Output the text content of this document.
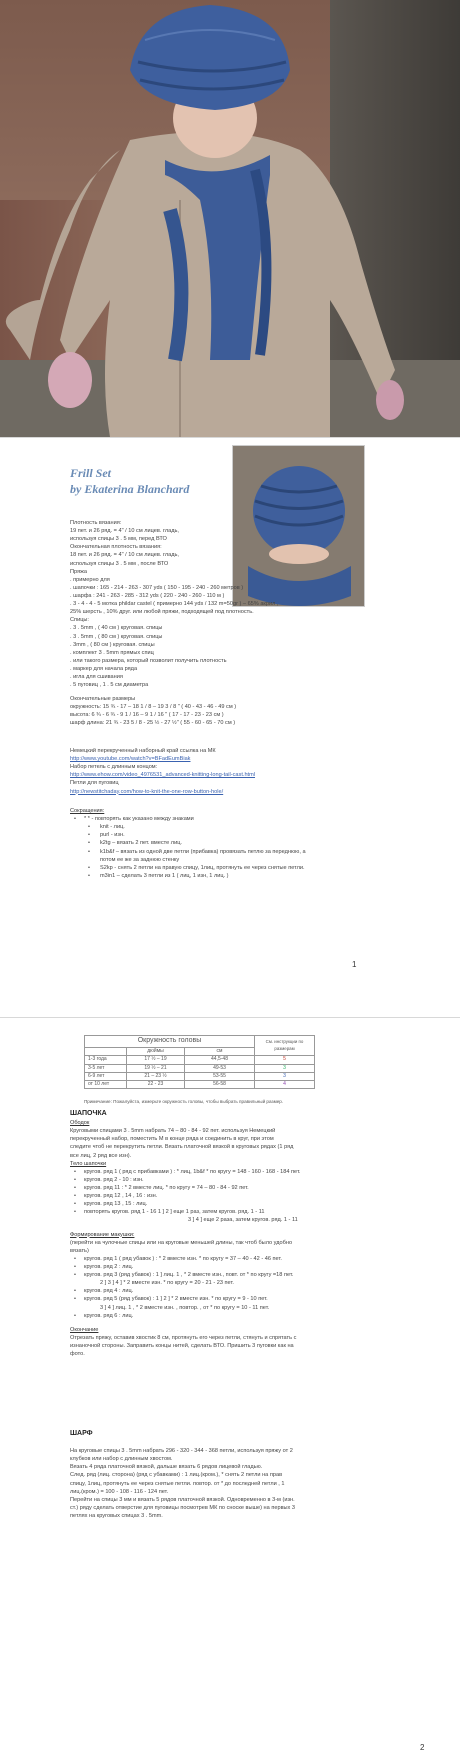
Frill Set
by Ekaterina Blanchard

Плотность вязания:

19 пет. и 26 ряд. = 4" / 10 см лицев. гладь,

используя спицы 3 . 5 мм, перед ВТО

Окончательная плотность вязания:

18 пет. и 26 ряд. = 4" / 10 см лицев. гладь,

используя спицы 3 . 5 мм , после ВТО

Пряжа

. примерно для

. шапочки : 165 - 214 - 263 - 307 yds ( 150 - 195 - 240 - 260 метров )

. шарфа : 241 - 263 - 285 - 312 yds ( 220 - 240 - 260 - 110 м )

. 3 - 4 - 4 - 5 мотка phildar castel ( примерно 144 yds / 132 m=50gr ) – 65% акрил ,

25% шерсть , 10% друг. или любой пряжи, подходящей под плотность.

Спицы:

. 3 . 5mm , ( 40 см ) круговая. спицы

. 3 . 5mm , ( 80 см ) круговая. спицы

. 3mm , ( 80 см ) круговая. спицы

. комплект 3 . 5mm прямых спиц

. или такого размера, который позволит получить плотность

. маркер для начала ряда

. игла для сшивания

. 5 пуговиц , 1 . 5 см диаметра

Окончательные размеры

окружность: 15 ¾ - 17 – 18 1 / 8 – 19 3 / 8 " ( 40 - 43 - 46 - 49 см )

высота: 6 ¾ - 6 ¾ - 9 1 / 16 – 9 1 / 16 " ( 17 - 17 - 23 - 23 см )

шарф длина: 21 ¾ - 23 5 / 8 - 25 ½ - 27 ½" ( 55 - 60 - 65 - 70 см )

Немецкий перекрученный наборный край ссылка на МК

http://www.youtube.com/watch?v=BFadEumBiak

Набор петель с длинным концом:

http://www.ehow.com/video_4976531_advanced-knitting-long-tail-cast.html

Петли для пуговиц

http://newstitchaday.com/how-to-knit-the-one-row-button-hole/

Сокращения:

• * * - повторять как указано между знаками
• knit - лиц.
• purl - изн.
• k2tg – вязать 2 пет. вместе лиц.
• k1b&f – вязать из одной две петли (прибавка) провязать петлю за переднюю, а

потом ее же за заднюю стенку

• S2kp - снять 2 петли на правую спицу, 1лиц, протянуть ее через снятые петли.
• m3in1 – сделать 3 петли из 1 ( лиц, 1 изн, 1 лиц. )
1
Окружность головы			См. инструкции по размерам
	дюймы	см	
1-3 года	17 ½ – 19	44,5-48	5
3-5 лет	19 ½ – 21	49-53	3
6-9 лет	21 – 23 ½	53-55	3
от 10 лет	22 - 23	56-58	4
Примечание: Пожалуйста, измерьте окружность головы, чтобы выбрать правильный размер.

ШАПОЧКА

Ободок

Круговыми спицами 3 . 5mm набрать 74 – 80 - 84 - 92 пет. используя Немецкий

перекрученный набор, поместить М в конце ряда и соединить в круг, при этом

следите чтоб не перекрутить петли. Вязать платочной вязкой в круговых рядах (1 ряд

все лиц, 2 ряд все изн).

Тело шапочки

• кругов. ряд 1 ( ряд с прибавками ) : * лиц, 1b&f * по кругу = 148 - 160 - 168 - 184 пет.
• кругов. ряд 2 - 10 : изн.
• кругов. ряд 11 : * 2 вместе лиц. * по кругу = 74 – 80 - 84 - 92 пет.
• кругов. ряд 12 , 14 , 16 : изн.
• кругов. ряд 13 , 15 : лиц.
• повторять кругов. ряд 1 - 16 1 ] 2 ] еще 1 раз, затем кругов. ряд. 1 - 11

3 ] 4 ] еще 2 раза, затем кругов. ряд. 1 - 11

Формирование макушки:

(перейти на чулочные спицы или на круговые меньшей длины, так чтоб было удобно

вязать)

• кругов. ряд 1 ( ряд убавок ) : * 2 вместе изн. * по кругу = 37 – 40 - 42 - 46 пет.
• кругов. ряд 2 : лиц.
• кругов. ряд 3 (ряд убавок) : 1 ] лиц. 1 , * 2 вместе изн., повт. от * по кругу =18 пет.

2 ] 3 ] 4 ] * 2 вместе изн. * по кругу = 20 - 21 - 23 пет.

• кругов. ряд 4 : лиц.
• кругов. ряд 5 (ряд убавок) : 1 ] 2 ] * 2 вместе изн. * по кругу = 9 - 10 пет.

3 ] 4 ] лиц. 1 , * 2 вместе изн. , повтор. , от * по кругу = 10 - 11 пет.

• кругов. ряд 6 : лиц.

Окончание

Отрезать пряжу, оставив хвостик 8 см, протянуть его через петли, стянуть и спрятать с

изнаночной стороны. Заправить концы нитей, сделать ВТО. Пришить 3 пуговки как на

фото.

ШАРФ

На круговые спицы 3 . 5mm набрать 296 - 320 - 344 - 368 петли, используя пряжу от 2

клубков или набор с длинным хвостом.

Вязать 4 ряда платочной вязкой, дальше вязать 6 рядов лицевой гладью.

След. ряд (лиц. сторона) (ряд с убавками) : 1 лиц.(кром.), * снять 2 петли на прав

спицу, 1лиц, протянуть ее через снятые петли. повтор. от * до последней петли , 1

лиц.(кром.) = 100 - 108 - 116 - 124 пет.

Перейти на спицы 3 мм и вязать 5 рядов платочной вязкой. Одновременно в 3-м (изн.

ст.) ряду сделать отверстие для пуговицы посмотрев МК по сноске выше) на первых 3

петлях на круговых спицах 3 . 5mm.

2
